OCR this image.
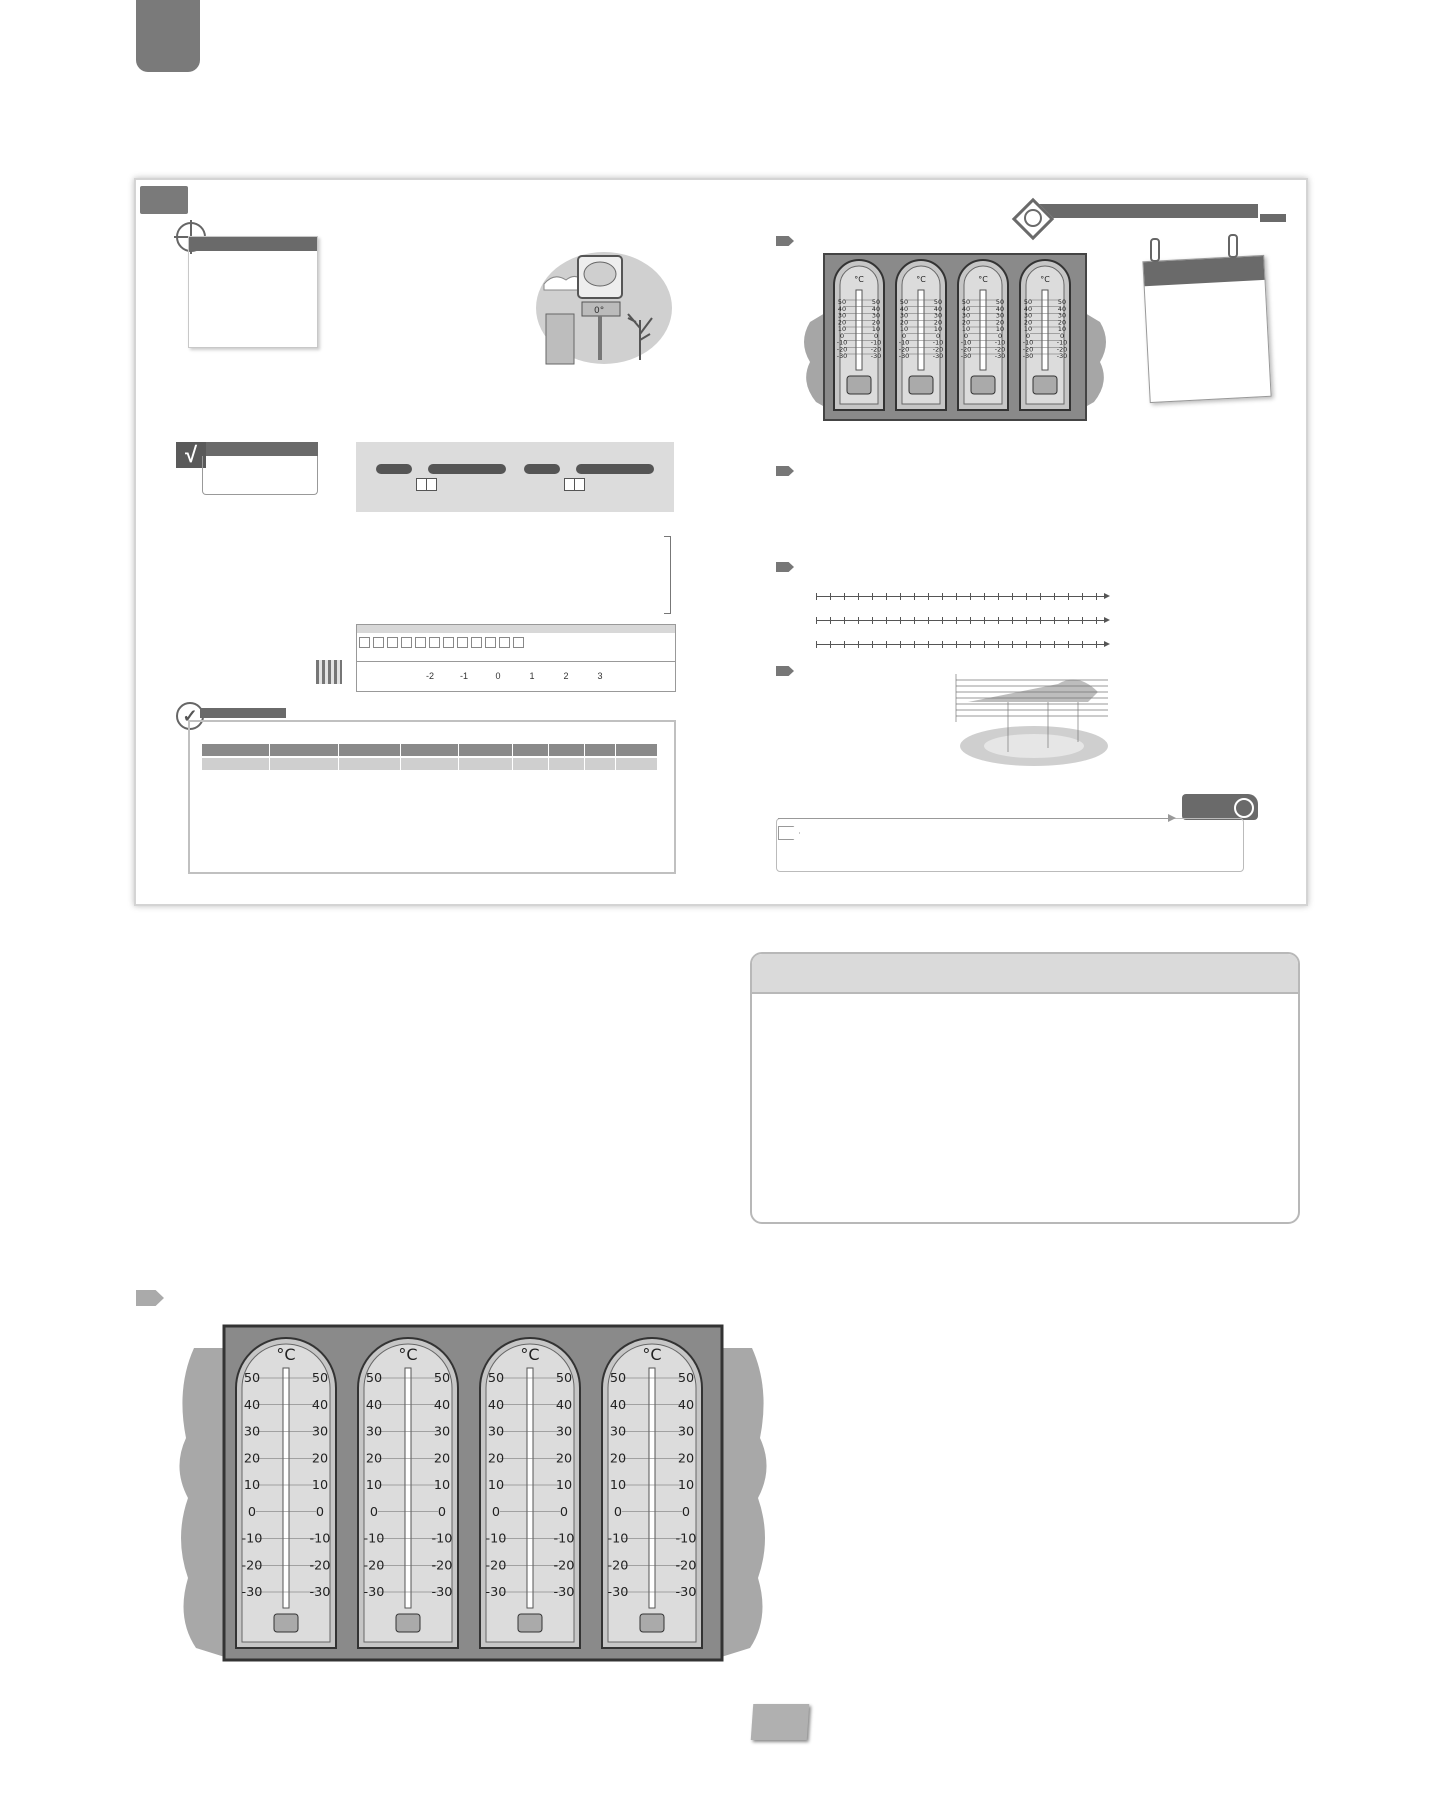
0°
√
-2	-1	0	1	2	3
✓
°C
50	50
40	40
30	30
20	20
10	10
0	0
-10	-10
-20	-20
-30	-30
°C
50	50
40	40
30	30
20	20
10	10
0	0
-10	-10
-20	-20
-30	-30
°C
50	50
40	40
30	30
20	20
10	10
0	0
-10	-10
-20	-20
-30	-30
°C
50	50
40	40
30	30
20	20
10	10
0	0
-10	-10
-20	-20
-30	-30
°C
50	50
40	40
30	30
20	20
10	10
0	0
-10	-10
-20	-20
-30	-30
°C
50	50
40	40
30	30
20	20
10	10
0	0
-10	-10
-20	-20
-30	-30
°C
50	50
40	40
30	30
20	20
10	10
0	0
-10	-10
-20	-20
-30	-30
°C
50	50
40	40
30	30
20	20
10	10
0	0
-10	-10
-20	-20
-30	-30
